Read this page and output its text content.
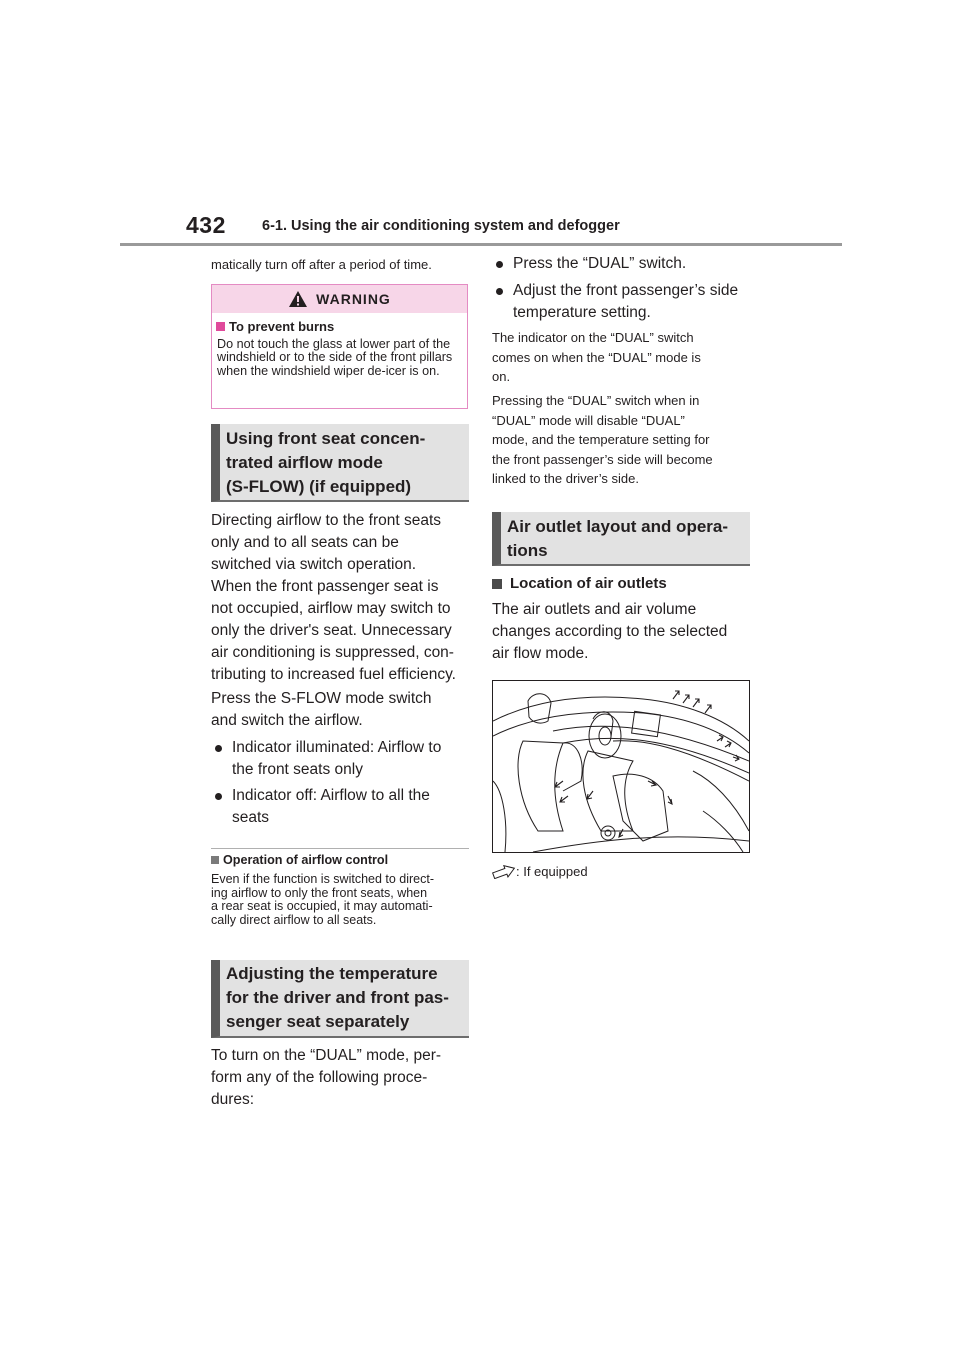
432 6-1. Using the air conditioning system and defogger
matically turn off after a period of time.
WARNING
To prevent burns
Do not touch the glass at lower part of the windshield or to the side of the front pillars when the windshield wiper de-icer is on.
Using front seat concen-
trated airflow mode
(S-FLOW) (if equipped)
Directing airflow to the front seats
only and to all seats can be
switched via switch operation.
When the front passenger seat is
not occupied, airflow may switch to
only the driver's seat. Unnecessary
air conditioning is suppressed, con-
tributing to increased fuel efficiency.
Press the S-FLOW mode switch
and switch the airflow.
Indicator illuminated: Airflow to
the front seats only
Indicator off: Airflow to all the
seats
Operation of airflow control
Even if the function is switched to direct-
ing airflow to only the front seats, when
a rear seat is occupied, it may automati-
cally direct airflow to all seats.
Adjusting the temperature
for the driver and front pas-
senger seat separately
To turn on the “DUAL” mode, per-
form any of the following proce-
dures:
Press the “DUAL” switch.
Adjust the front passenger’s side
temperature setting.
The indicator on the “DUAL” switch
comes on when the “DUAL” mode is
on.
Pressing the “DUAL” switch when in
“DUAL” mode will disable “DUAL”
mode, and the temperature setting for
the front passenger’s side will become
linked to the driver’s side.
Air outlet layout and opera-
tions
Location of air outlets
The air outlets and air volume
changes according to the selected
air flow mode.
: If equipped
